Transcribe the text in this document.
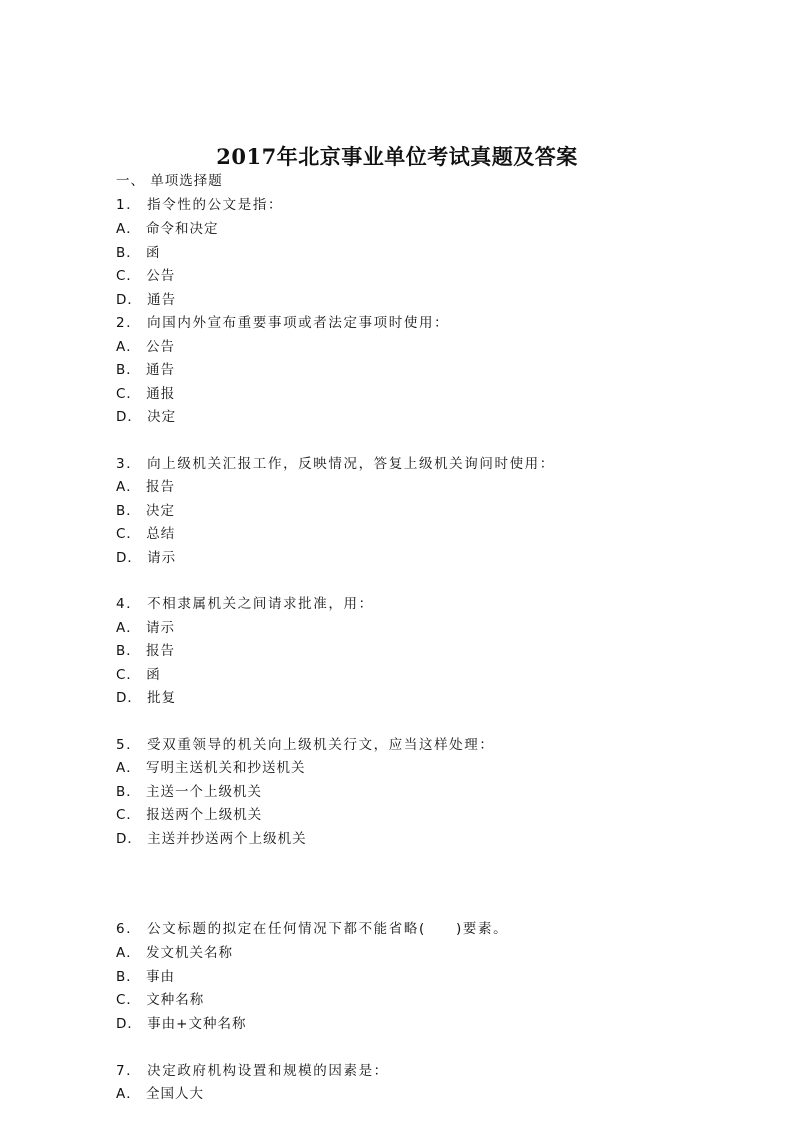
2017年北京事业单位考试真题及答案
一、 单项选择题
1． 指令性的公文是指：
A． 命令和决定
B． 函
C． 公告
D． 通告
2． 向国内外宣布重要事项或者法定事项时使用：
A． 公告
B． 通告
C． 通报
D． 决定
3． 向上级机关汇报工作，反映情况，答复上级机关询问时使用：
A． 报告
B． 决定
C． 总结
D． 请示
4． 不相隶属机关之间请求批准，用：
A． 请示
B． 报告
C． 函
D． 批复
5． 受双重领导的机关向上级机关行文，应当这样处理：
A． 写明主送机关和抄送机关
B． 主送一个上级机关
C． 报送两个上级机关
D． 主送并抄送两个上级机关
6． 公文标题的拟定在任何情况下都不能省略(　　)要素。
A． 发文机关名称
B． 事由
C． 文种名称
D． 事由+文种名称
7． 决定政府机构设置和规模的因素是：
A． 全国人大
